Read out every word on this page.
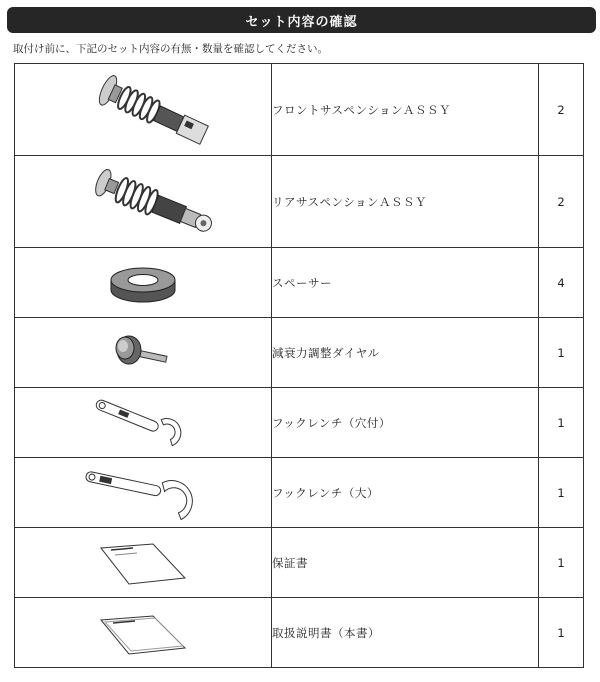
セット内容の確認
取付け前に、下記のセット内容の有無・数量を確認してください。
	フロントサスペンションＡＳＳＹ	2

	リアサスペンションＡＳＳＹ	2

	スペーサー	4

	減衰力調整ダイヤル	1

	フックレンチ（穴付）	1

	フックレンチ（大）	1

	保証書	1

	取扱説明書（本書）	1
